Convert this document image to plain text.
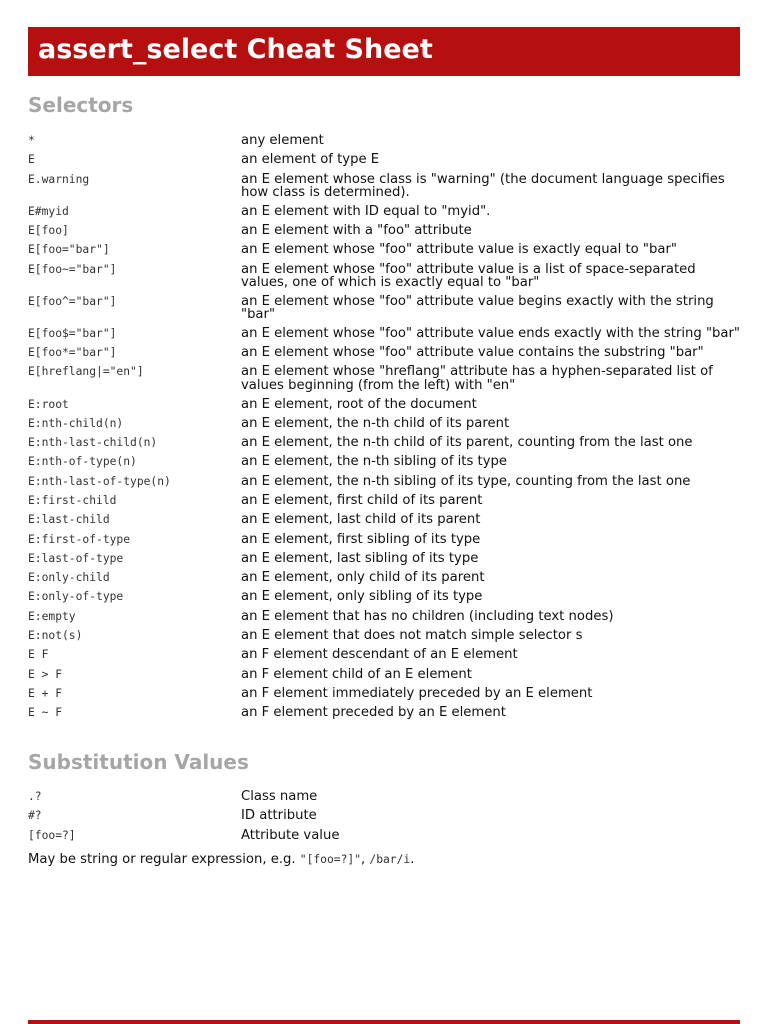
assert_select Cheat Sheet
Selectors
*	any element
E	an element of type E
E.warning	an E element whose class is "warning" (the document language specifies how class is determined).
E#myid	an E element with ID equal to "myid".
E[foo]	an E element with a "foo" attribute
E[foo="bar"]	an E element whose "foo" attribute value is exactly equal to "bar"
E[foo~="bar"]	an E element whose "foo" attribute value is a list of space-separated values, one of which is exactly equal to "bar"
E[foo^="bar"]	an E element whose "foo" attribute value begins exactly with the string "bar"
E[foo$="bar"]	an E element whose "foo" attribute value ends exactly with the string "bar"
E[foo*="bar"]	an E element whose "foo" attribute value contains the substring "bar"
E[hreflang|="en"]	an E element whose "hreflang" attribute has a hyphen-separated list of values beginning (from the left) with "en"
E:root	an E element, root of the document
E:nth-child(n)	an E element, the n-th child of its parent
E:nth-last-child(n)	an E element, the n-th child of its parent, counting from the last one
E:nth-of-type(n)	an E element, the n-th sibling of its type
E:nth-last-of-type(n)	an E element, the n-th sibling of its type, counting from the last one
E:first-child	an E element, first child of its parent
E:last-child	an E element, last child of its parent
E:first-of-type	an E element, first sibling of its type
E:last-of-type	an E element, last sibling of its type
E:only-child	an E element, only child of its parent
E:only-of-type	an E element, only sibling of its type
E:empty	an E element that has no children (including text nodes)
E:not(s)	an E element that does not match simple selector s
E F	an F element descendant of an E element
E > F	an F element child of an E element
E + F	an F element immediately preceded by an E element
E ~ F	an F element preceded by an E element
Substitution Values
.?	Class name
#?	ID attribute
[foo=?]	Attribute value
May be string or regular expression, e.g. "[foo=?]", /bar/i.
